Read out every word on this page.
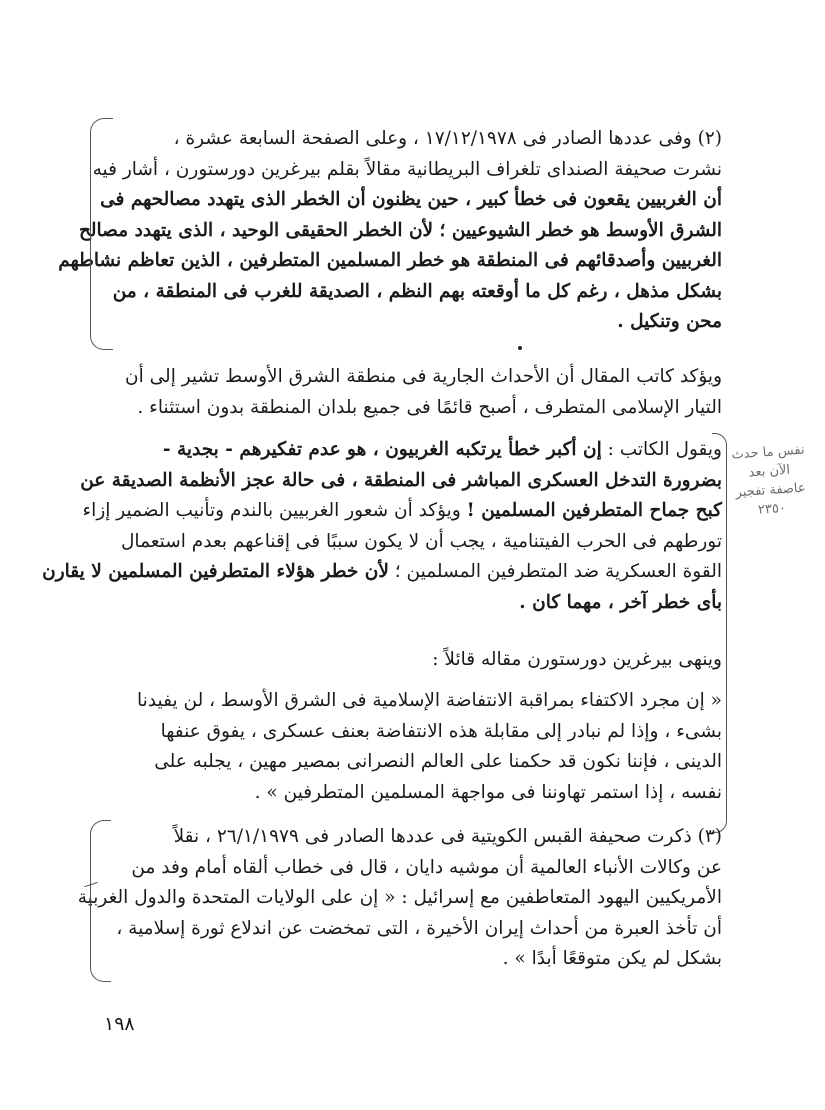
(٢) وفى عددها الصادر فى ١٧/١٢/١٩٧٨ ، وعلى الصفحة السابعة عشرة ،
نشرت صحيفة الصنداى تلغراف البريطانية مقالاً بقلم بيرغرين دورستورن ، أشار فيه
أن الغربيين يقعون فى خطأ كبير ، حين يظنون أن الخطر الذى يتهدد مصالحهم فى
الشرق الأوسط هو خطر الشيوعيين ؛ لأن الخطر الحقيقى الوحيد ، الذى يتهدد مصالح
الغربيين وأصدقائهم فى المنطقة هو خطر المسلمين المتطرفين ، الذين تعاظم نشاطهم
بشكل مذهل ، رغم كل ما أوقعته بهم النظم ، الصديقة للغرب فى المنطقة ، من
محن وتنكيل .
ويؤكد كاتب المقال أن الأحداث الجارية فى منطقة الشرق الأوسط تشير إلى أن
التيار الإسلامى المتطرف ، أصبح قائمًا فى جميع بلدان المنطقة بدون استثناء .
ويقول الكاتب : إن أكبر خطأ يرتكبه الغربيون ، هو عدم تفكيرهم - بجدية -
بضرورة التدخل العسكرى المباشر فى المنطقة ، فى حالة عجز الأنظمة الصديقة عن
كبح جماح المتطرفين المسلمين ! ويؤكد أن شعور الغربيين بالندم وتأنيب الضمير إزاء
تورطهم فى الحرب الفيتنامية ، يجب أن لا يكون سببًا فى إقناعهم بعدم استعمال
القوة العسكرية ضد المتطرفين المسلمين ؛ لأن خطر هؤلاء المتطرفين المسلمين لا يقارن
بأى خطر آخر ، مهما كان .
نفس ما حدث
الآن بعد
عاصفة تفجير
٢٣٥٠
وينهى بيرغرين دورستورن مقاله قائلاً :
« إن مجرد الاكتفاء بمراقبة الانتفاضة الإسلامية فى الشرق الأوسط ، لن يفيدنا
بشىء ، وإذا لم نبادر إلى مقابلة هذه الانتفاضة بعنف عسكرى ، يفوق عنفها
الدينى ، فإننا نكون قد حكمنا على العالم النصرانى بمصير مهين ، يجلبه على
نفسه ، إذا استمر تهاوننا فى مواجهة المسلمين المتطرفين » .
(٣) ذكرت صحيفة القبس الكويتية فى عددها الصادر فى ٢٦/١/١٩٧٩ ، نقلاً
عن وكالات الأنباء العالمية أن موشيه دايان ، قال فى خطاب ألقاه أمام وفد من
الأمريكيين اليهود المتعاطفين مع إسرائيل : « إن على الولايات المتحدة والدول الغربية
أن تأخذ العبرة من أحداث إيران الأخيرة ، التى تمخضت عن اندلاع ثورة إسلامية ،
بشكل لم يكن متوقعًا أبدًا » .
١٩٨
